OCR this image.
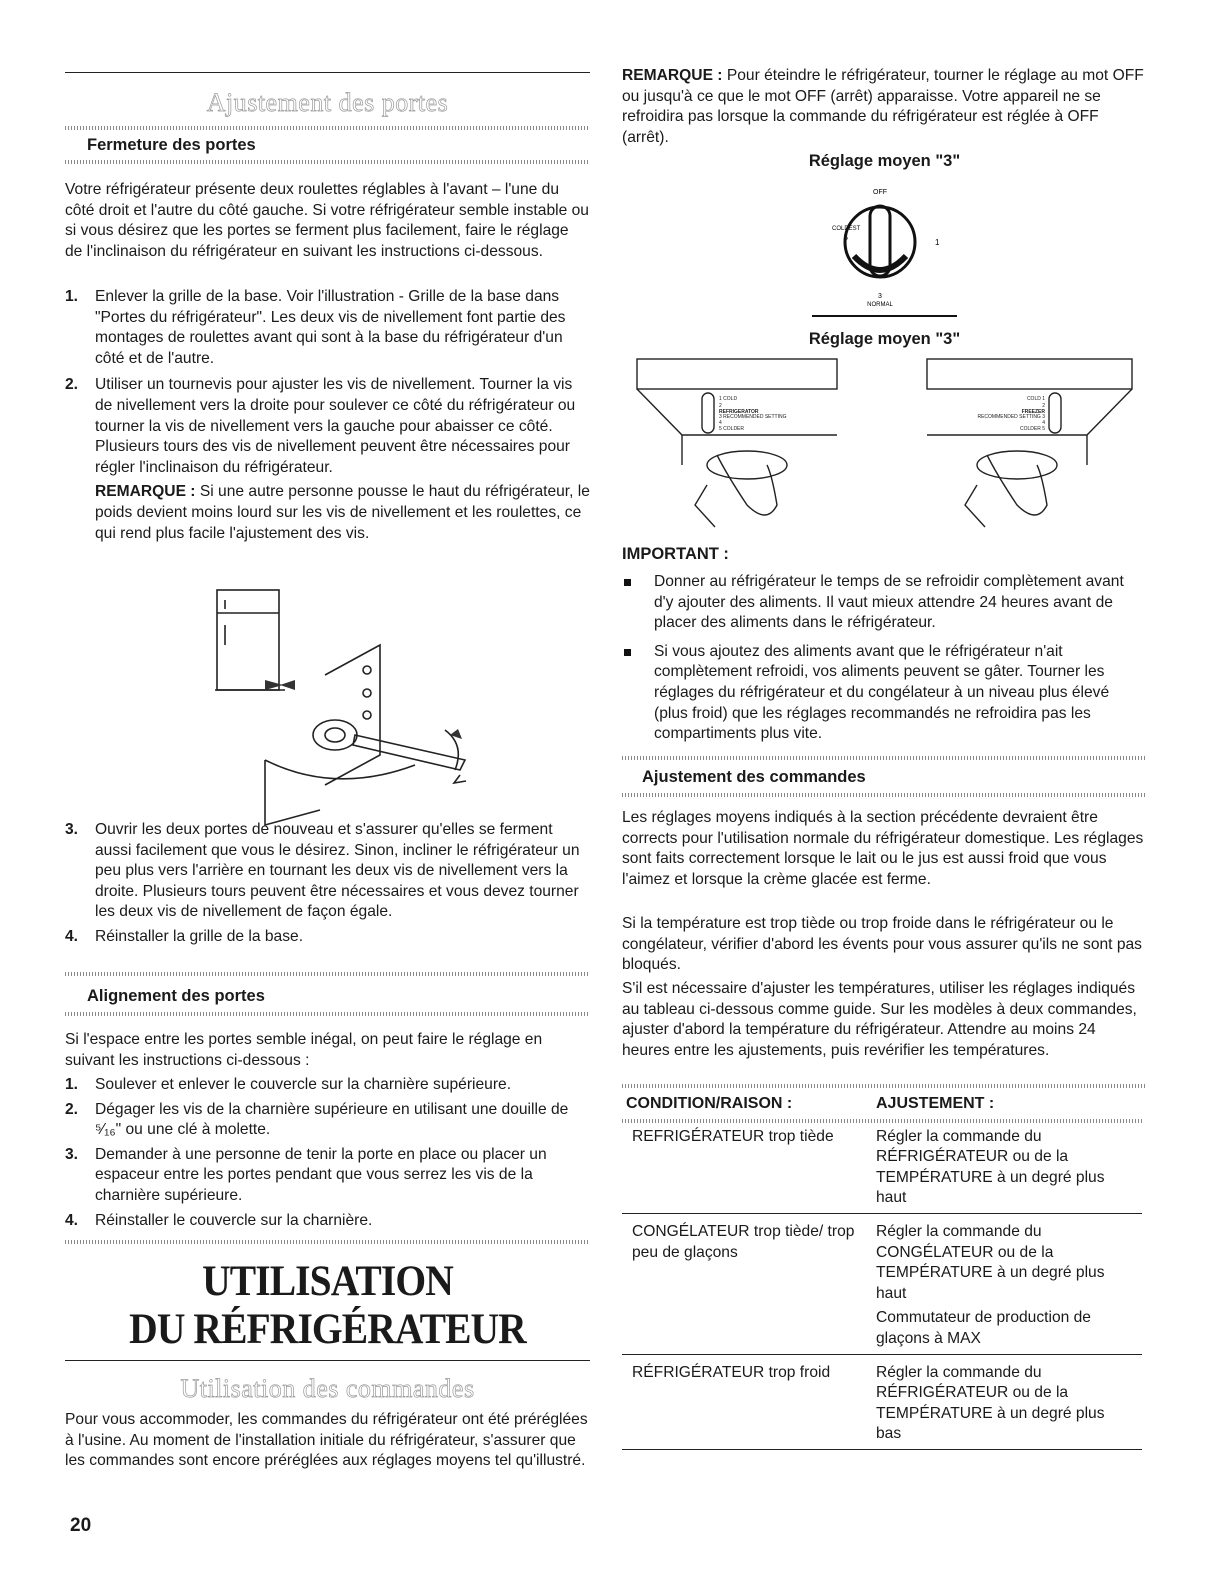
Ajustement des portes

Fermeture des portes

Votre réfrigérateur présente deux roulettes réglables à l'avant – l'une du côté droit et l'autre du côté gauche. Si votre réfrigérateur semble instable ou si vous désirez que les portes se ferment plus facilement, faire le réglage de l'inclinaison du réfrigérateur en suivant les instructions ci-dessous.

1. Enlever la grille de la base. Voir l'illustration - Grille de la base dans "Portes du réfrigérateur". Les deux vis de nivellement font partie des montages de roulettes avant qui sont à la base du réfrigérateur d'un côté et de l'autre.
2. Utiliser un tournevis pour ajuster les vis de nivellement. Tourner la vis de nivellement vers la droite pour soulever ce côté du réfrigérateur ou tourner la vis de nivellement vers la gauche pour abaisser ce côté. Plusieurs tours des vis de nivellement peuvent être nécessaires pour régler l'inclinaison du réfrigérateur.
REMARQUE : Si une autre personne pousse le haut du réfrigérateur, le poids devient moins lourd sur les vis de nivellement et les roulettes, ce qui rend plus facile l'ajustement des vis.
3. Ouvrir les deux portes de nouveau et s'assurer qu'elles se ferment aussi facilement que vous le désirez. Sinon, incliner le réfrigérateur un peu plus vers l'arrière en tournant les deux vis de nivellement vers la droite. Plusieurs tours peuvent être nécessaires et vous devez tourner les deux vis de nivellement de façon égale.
4. Réinstaller la grille de la base.

Alignement des portes

Si l'espace entre les portes semble inégal, on peut faire le réglage en suivant les instructions ci-dessous :

1. Soulever et enlever le couvercle sur la charnière supérieure.
2. Dégager les vis de la charnière supérieure en utilisant une douille de ⁵⁄₁₆" ou une clé à molette.
3. Demander à une personne de tenir la porte en place ou placer un espaceur entre les portes pendant que vous serrez les vis de la charnière supérieure.
4. Réinstaller le couvercle sur la charnière.
UTILISATION
DU RÉFRIGÉRATEUR
Utilisation des commandes

Pour vous accommoder, les commandes du réfrigérateur ont été préréglées à l'usine. Au moment de l'installation initiale du réfrigérateur, s'assurer que les commandes sont encore préréglées aux réglages moyens tel qu'illustré.

REMARQUE : Pour éteindre le réfrigérateur, tourner le réglage au mot OFF ou jusqu'à ce que le mot OFF (arrêt) apparaisse. Votre appareil ne se refroidira pas lorsque la commande du réfrigérateur est réglée à OFF (arrêt).

Réglage moyen "3"

OFF
COLDEST
5	1
3
NORMAL

Réglage moyen "3"

1 COLD
2
REFRIGERATOR
3 RECOMMENDED SETTING
4
5 COLDER
COLD 1
2
FREEZER
RECOMMENDED SETTING 3
4
COLDER 5

IMPORTANT :

Donner au réfrigérateur le temps de se refroidir complètement avant d'y ajouter des aliments. Il vaut mieux attendre 24 heures avant de placer des aliments dans le réfrigérateur.
Si vous ajoutez des aliments avant que le réfrigérateur n'ait complètement refroidi, vos aliments peuvent se gâter. Tourner les réglages du réfrigérateur et du congélateur à un niveau plus élevé (plus froid) que les réglages recommandés ne refroidira pas les compartiments plus vite.

Ajustement des commandes

Les réglages moyens indiqués à la section précédente devraient être corrects pour l'utilisation normale du réfrigérateur domestique. Les réglages sont faits correctement lorsque le lait ou le jus est aussi froid que vous l'aimez et lorsque la crème glacée est ferme.

Si la température est trop tiède ou trop froide dans le réfrigérateur ou le congélateur, vérifier d'abord les évents pour vous assurer qu'ils ne sont pas bloqués.

S'il est nécessaire d'ajuster les températures, utiliser les réglages indiqués au tableau ci-dessous comme guide. Sur les modèles à deux commandes, ajuster d'abord la température du réfrigérateur. Attendre au moins 24 heures entre les ajustements, puis revérifier les températures.

CONDITION/RAISON :	AJUSTEMENT :

REFRIGÉRATEUR trop tiède	Régler la commande du RÉFRIGÉRATEUR ou de la TEMPÉRATURE à un degré plus haut

CONGÉLATEUR trop tiède/ trop peu de glaçons	Régler la commande du CONGÉLATEUR ou de la TEMPÉRATURE à un degré plus haut
Commutateur de production de glaçons à MAX

RÉFRIGÉRATEUR trop froid	Régler la commande du RÉFRIGÉRATEUR ou de la TEMPÉRATURE à un degré plus bas

20
